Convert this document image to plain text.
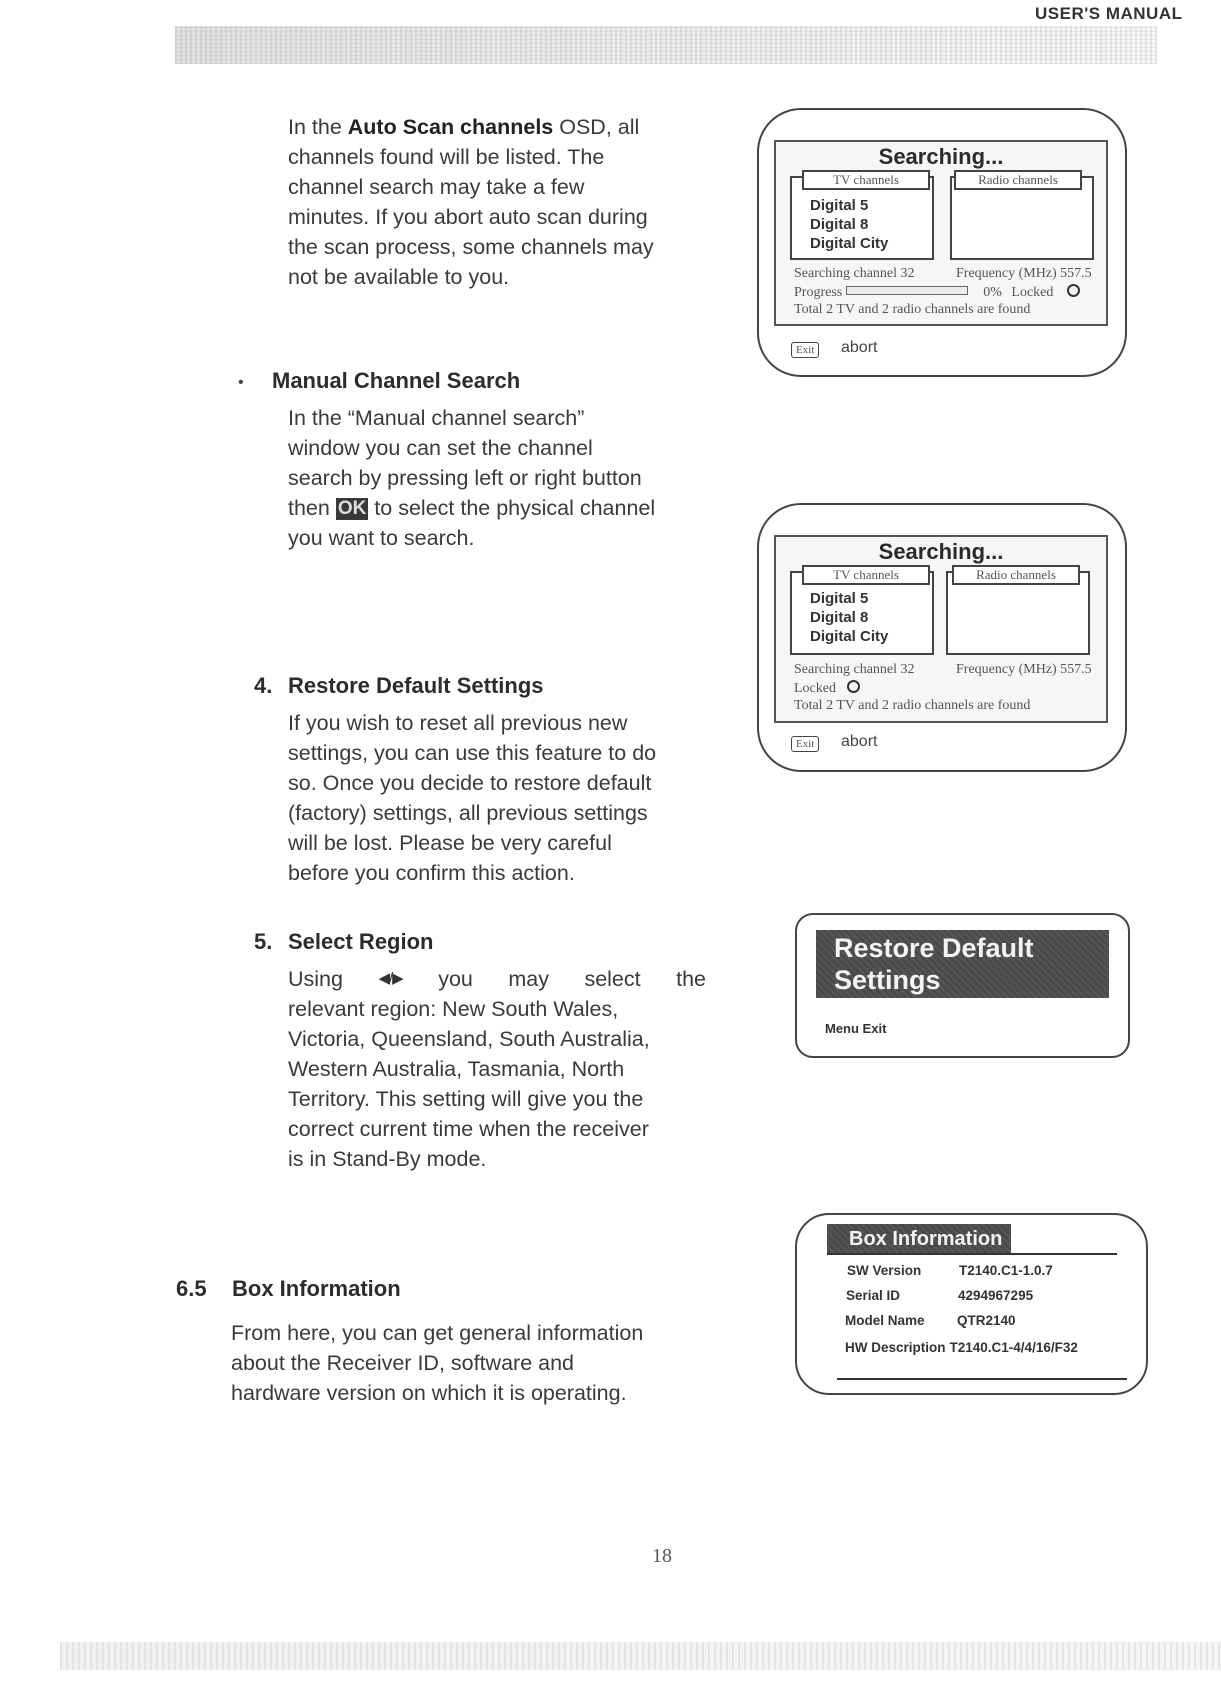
USER'S MANUAL
In the Auto Scan channels OSD, all
channels found will be listed. The
channel search may take a few
minutes. If you abort auto scan during
the scan process, some channels may
not be available to you.
• Manual Channel Search
In the “Manual channel search”
window you can set the channel
search by pressing left or right button
then OK to select the physical channel
you want to search.
4. Restore Default Settings
If you wish to reset all previous new
settings, you can use this feature to do
so. Once you decide to restore default
(factory) settings, all previous settings
will be lost. Please be very careful
before you confirm this action.
5. Select Region
Using ◀/▶ you may select the
relevant region: New South Wales,
Victoria, Queensland, South Australia,
Western Australia, Tasmania, North
Territory. This setting will give you the
correct current time when the receiver
is in Stand-By mode.
6.5 Box Information
From here, you can get general information
about the Receiver ID, software and
hardware version on which it is operating.
Searching...
TV channels
Digital 5
Digital 8
Digital City
Radio channels
Searching channel 32	Frequency (MHz) 557.5
Progress	0% Locked
Total 2 TV and 2 radio channels are found
Exit	abort
Searching...
TV channels
Digital 5
Digital 8
Digital City
Radio channels
Searching channel 32	Frequency (MHz) 557.5
Locked
Total 2 TV and 2 radio channels are found
Exit	abort
Restore Default
Settings
Menu Exit
Box Information
SW Version	T2140.C1-1.0.7
Serial ID	4294967295
Model Name QTR2140
HW Description T2140.C1-4/4/16/F32
18
